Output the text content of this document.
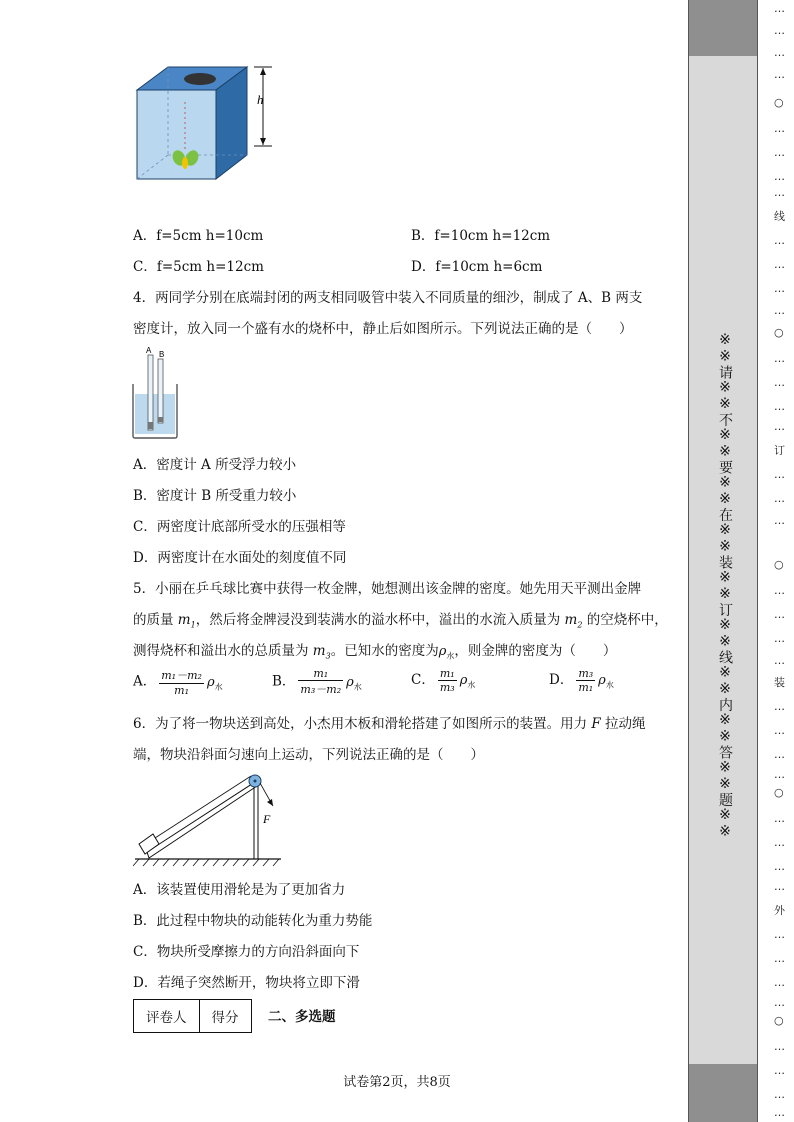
h
A．f=5cm h=10cm	B．f=10cm h=12cm
C．f=5cm h=12cm	D．f=10cm h=6cm
4．两同学分别在底端封闭的两支相同吸管中装入不同质量的细沙，制成了 A、B 两支
密度计，放入同一个盛有水的烧杯中，静止后如图所示。下列说法正确的是（　　）
A B
A．密度计 A 所受浮力较小
B．密度计 B 所受重力较小
C．两密度计底部所受水的压强相等
D．两密度计在水面处的刻度值不同
5．小丽在乒乓球比赛中获得一枚金牌，她想测出该金牌的密度。她先用天平测出金牌
的质量 $m_1$，然后将金牌浸没到装满水的溢水杯中，溢出的水流入质量为 $m_2$ 的空烧杯中，
测得烧杯和溢出水的总质量为 $m_3$。已知水的密度为$\rho_水$，则金牌的密度为（　　）
A． $\frac{\text{m₁－m₂}}{\text{m₁}} \rho_水$	B． $\frac{\text{m₁}}{\text{m₃－m₂}} \rho_水$	C． $\frac{\text{m₁}}{\text{m₃}} \rho_水$	D． $\frac{\text{m₃}}{\text{m₁}} \rho_水$
6．为了将一物块送到高处，小杰用木板和滑轮搭建了如图所示的装置。用力 F 拉动绳
端，物块沿斜面匀速向上运动，下列说法正确的是（　　）
F
A．该装置使用滑轮是为了更加省力
B．此过程中物块的动能转化为重力势能
C．物块所受摩擦力的方向沿斜面向下
D．若绳子突然断开，物块将立即下滑
评卷人	得分 二、多选题
试卷第2页，共8页
※※请※※不※※要※※在※※装※※订※※线※※内※※答※※题※※
…
…
…
…
○
…
…
…
…
线
…
…
…
…
○
…
…
…
…
订
…
…
…
○
…
…
…
…
装
…
…
…
…
○
…
…
…
…
外
…
…
…
…
○
…
…
…
…
